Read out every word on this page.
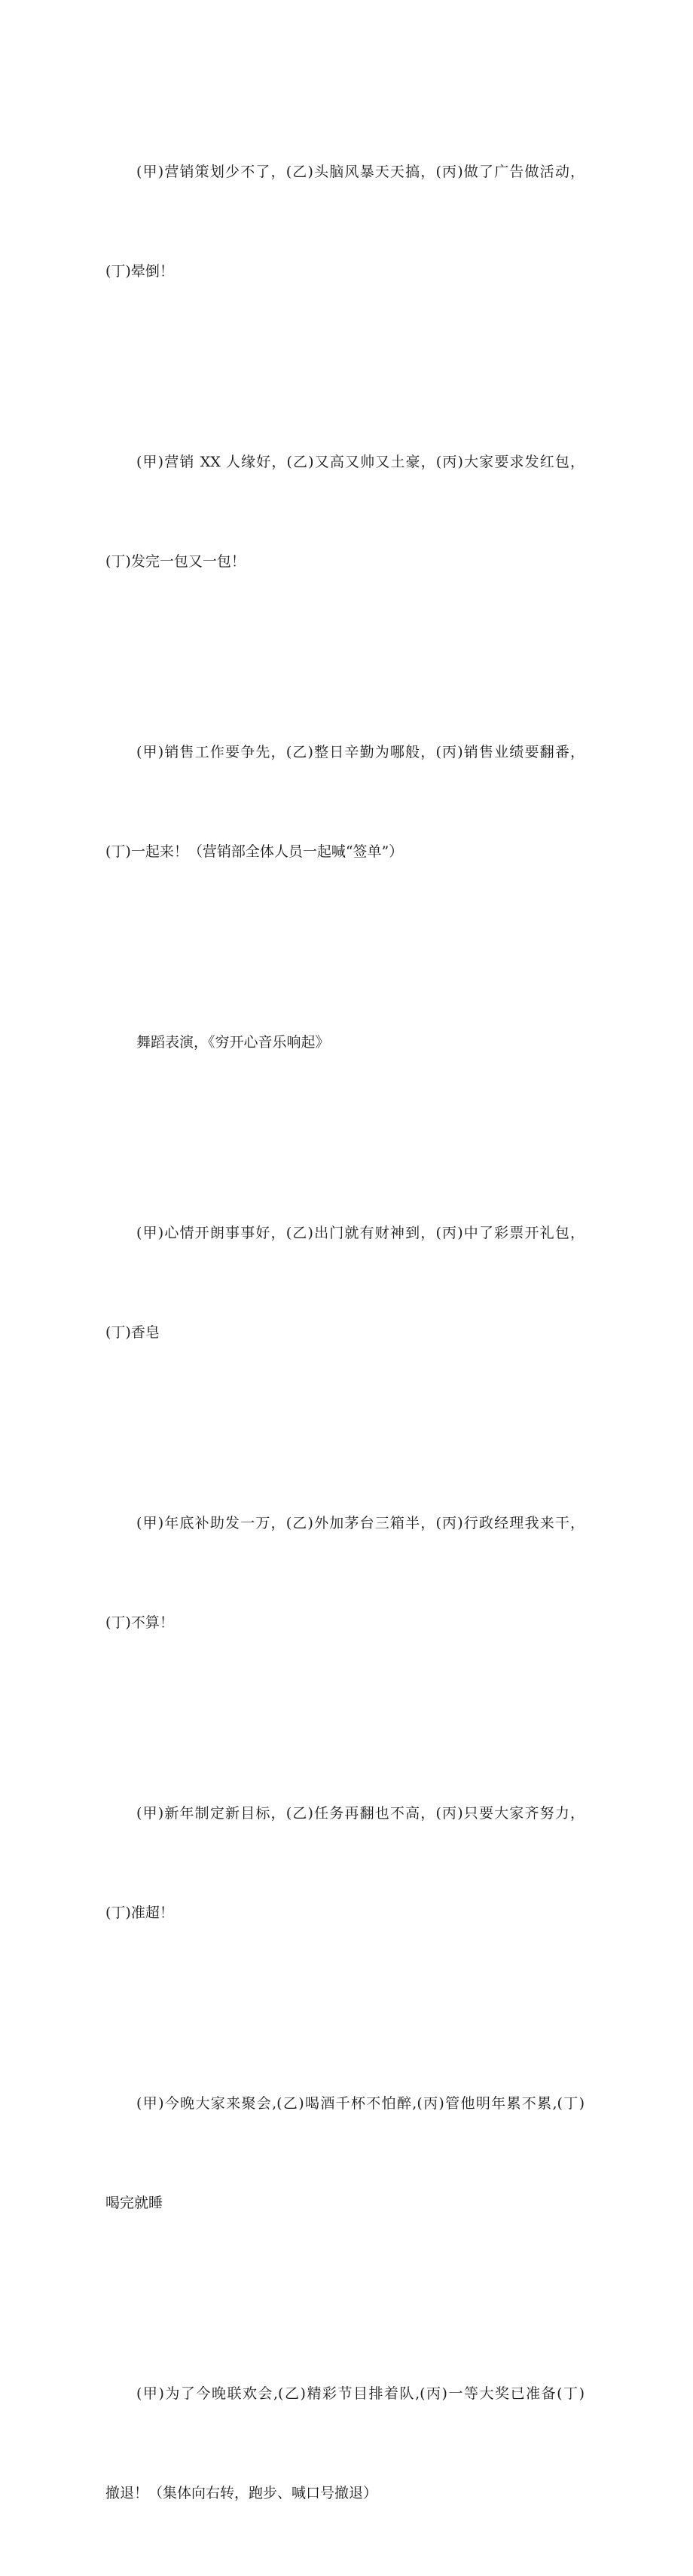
(甲)营销策划少不了，(乙)头脑风暴天天搞，(丙)做了广告做活动，

(丁)晕倒！

(甲)营销 XX 人缘好，(乙)又高又帅又土豪，(丙)大家要求发红包，

(丁)发完一包又一包！

(甲)销售工作要争先，(乙)整日辛勤为哪般，(丙)销售业绩要翻番，

(丁)一起来！（营销部全体人员一起喊“签单”）

舞蹈表演，《穷开心音乐响起》

(甲)心情开朗事事好，(乙)出门就有财神到，(丙)中了彩票开礼包，

(丁)香皂

(甲)年底补助发一万，(乙)外加茅台三箱半，(丙)行政经理我来干，

(丁)不算！

(甲)新年制定新目标，(乙)任务再翻也不高，(丙)只要大家齐努力，

(丁)准超！

(甲)今晚大家来聚会,(乙)喝酒千杯不怕醉,(丙)管他明年累不累,(丁)

喝完就睡

(甲)为了今晚联欢会,(乙)精彩节目排着队,(丙)一等大奖已准备(丁)

撤退！（集体向右转，跑步、喊口号撤退）
